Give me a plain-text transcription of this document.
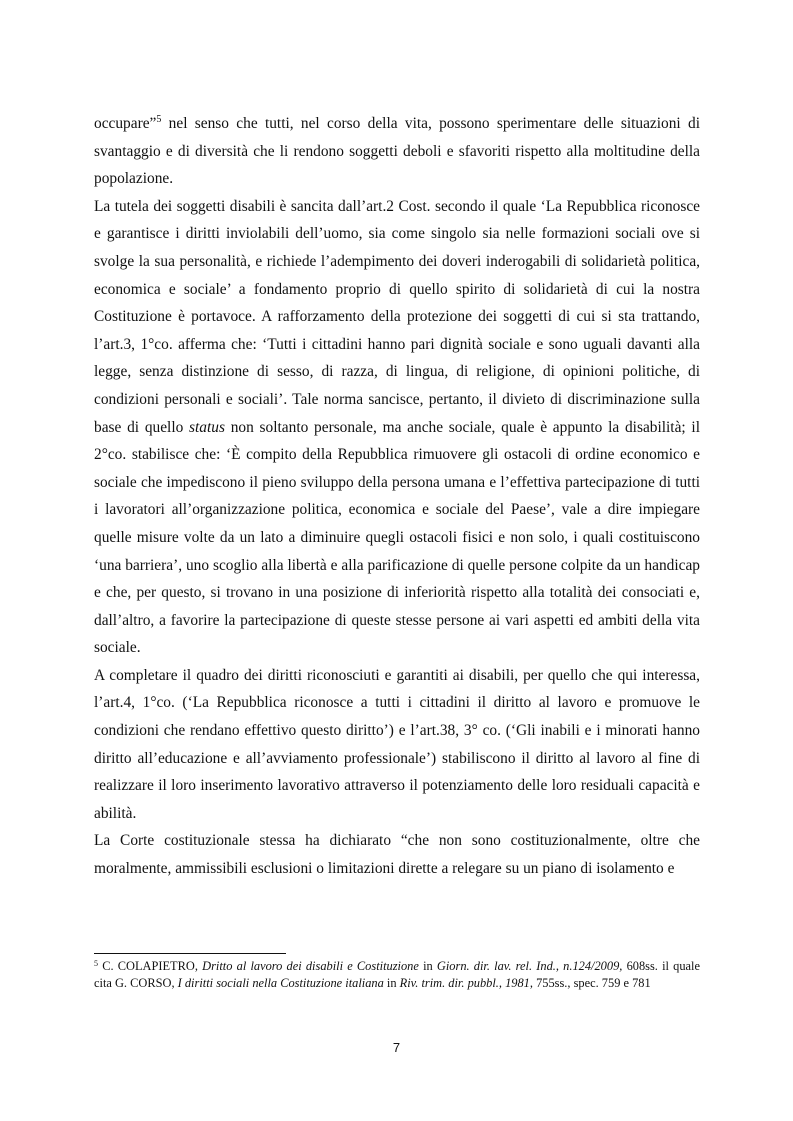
occupare”$^5$ nel senso che tutti, nel corso della vita, possono sperimentare delle situazioni di svantaggio e di diversità che li rendono soggetti deboli e sfavoriti rispetto alla moltitudine della popolazione.

La tutela dei soggetti disabili è sancita dall’art.2 Cost. secondo il quale ‘La Repubblica riconosce e garantisce i diritti inviolabili dell’uomo, sia come singolo sia nelle formazioni sociali ove si svolge la sua personalità, e richiede l’adempimento dei doveri inderogabili di solidarietà politica, economica e sociale’ a fondamento proprio di quello spirito di solidarietà di cui la nostra Costituzione è portavoce. A rafforzamento della protezione dei soggetti di cui si sta trattando, l’art.3, 1°co. afferma che: ‘Tutti i cittadini hanno pari dignità sociale e sono uguali davanti alla legge, senza distinzione di sesso, di razza, di lingua, di religione, di opinioni politiche, di condizioni personali e sociali’. Tale norma sancisce, pertanto, il divieto di discriminazione sulla base di quello status non soltanto personale, ma anche sociale, quale è appunto la disabilità; il 2°co. stabilisce che: ‘È compito della Repubblica rimuovere gli ostacoli di ordine economico e sociale che impediscono il pieno sviluppo della persona umana e l’effettiva partecipazione di tutti i lavoratori all’organizzazione politica, economica e sociale del Paese’, vale a dire impiegare quelle misure volte da un lato a diminuire quegli ostacoli fisici e non solo, i quali costituiscono ‘una barriera’, uno scoglio alla libertà e alla parificazione di quelle persone colpite da un handicap e che, per questo, si trovano in una posizione di inferiorità rispetto alla totalità dei consociati e, dall’altro, a favorire la partecipazione di queste stesse persone ai vari aspetti ed ambiti della vita sociale.

A completare il quadro dei diritti riconosciuti e garantiti ai disabili, per quello che qui interessa, l’art.4, 1°co. (‘La Repubblica riconosce a tutti i cittadini il diritto al lavoro e promuove le condizioni che rendano effettivo questo diritto’) e l’art.38, 3° co. (‘Gli inabili e i minorati hanno diritto all’educazione e all’avviamento professionale’) stabiliscono il diritto al lavoro al fine di realizzare il loro inserimento lavorativo attraverso il potenziamento delle loro residuali capacità e abilità.

La Corte costituzionale stessa ha dichiarato “che non sono costituzionalmente, oltre che moralmente, ammissibili esclusioni o limitazioni dirette a relegare su un piano di isolamento e

$^5$ C. COLAPIETRO, Dritto al lavoro dei disabili e Costituzione in Giorn. dir. lav. rel. Ind., n.124/2009, 608ss. il quale cita G. CORSO, I diritti sociali nella Costituzione italiana in Riv. trim. dir. pubbl., 1981, 755ss., spec. 759 e 781
7
